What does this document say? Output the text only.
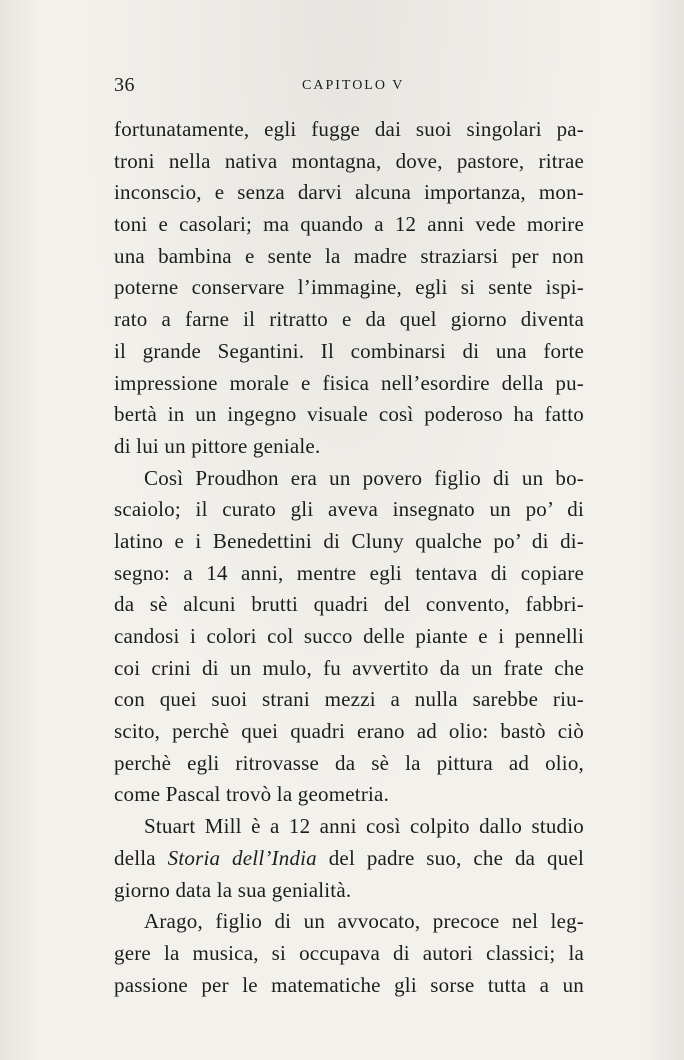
36	CAPITOLO V
fortunatamente, egli fugge dai suoi singolari pa-
troni nella nativa montagna, dove, pastore, ritrae
inconscio, e senza darvi alcuna importanza, mon-
toni e casolari; ma quando a 12 anni vede morire
una bambina e sente la madre straziarsi per non
poterne conservare l’immagine, egli si sente ispi-
rato a farne il ritratto e da quel giorno diventa
il grande Segantini. Il combinarsi di una forte
impressione morale e fisica nell’esordire della pu-
bertà in un ingegno visuale così poderoso ha fatto
di lui un pittore geniale.
Così Proudhon era un povero figlio di un bo-
scaiolo; il curato gli aveva insegnato un po’ di
latino e i Benedettini di Cluny qualche po’ di di-
segno: a 14 anni, mentre egli tentava di copiare
da sè alcuni brutti quadri del convento, fabbri-
candosi i colori col succo delle piante e i pennelli
coi crini di un mulo, fu avvertito da un frate che
con quei suoi strani mezzi a nulla sarebbe riu-
scito, perchè quei quadri erano ad olio: bastò ciò
perchè egli ritrovasse da sè la pittura ad olio,
come Pascal trovò la geometria.
Stuart Mill è a 12 anni così colpito dallo studio
della Storia dell’India del padre suo, che da quel
giorno data la sua genialità.
Arago, figlio di un avvocato, precoce nel leg-
gere la musica, si occupava di autori classici; la
passione per le matematiche gli sorse tutta a un
